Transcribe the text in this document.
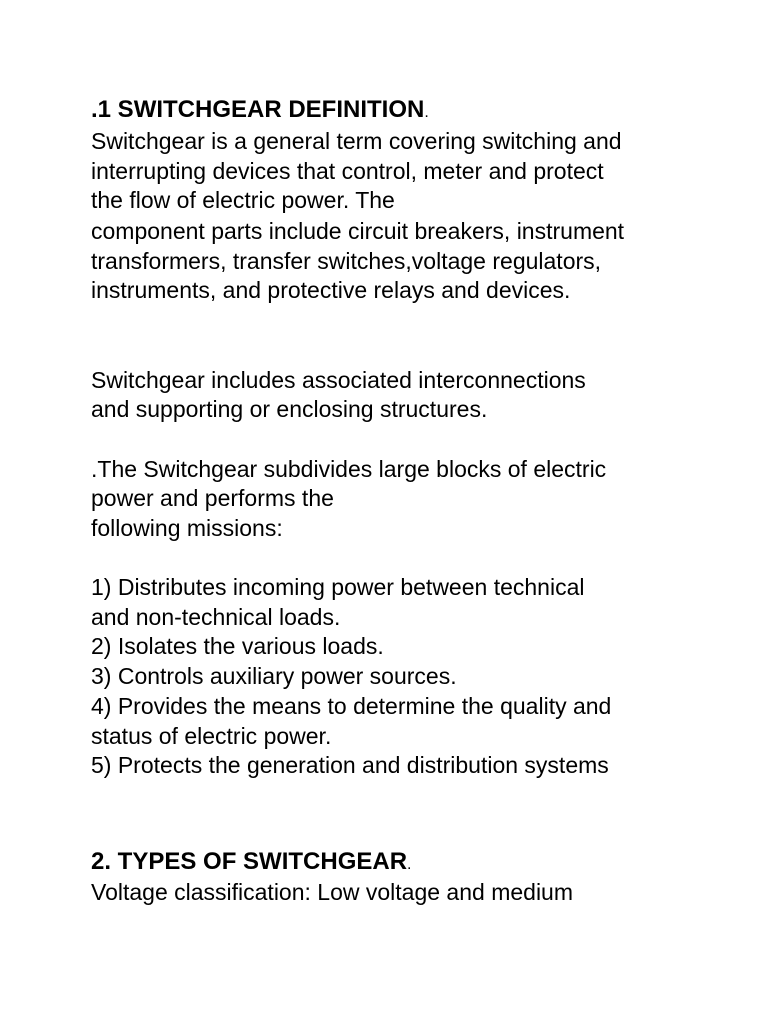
.1 SWITCHGEAR DEFINITION.
Switchgear is a general term covering switching and
interrupting devices that control, meter and protect
the flow of electric power. The
component parts include circuit breakers, instrument
transformers, transfer switches,voltage regulators,
instruments, and protective relays and devices.
Switchgear includes associated interconnections
and supporting or enclosing structures.
.The Switchgear subdivides large blocks of electric
power and performs the
following missions:
1) Distributes incoming power between technical
and non-technical loads.
2) Isolates the various loads.
3) Controls auxiliary power sources.
4) Provides the means to determine the quality and
status of electric power.
5) Protects the generation and distribution systems
2. TYPES OF SWITCHGEAR.
Voltage classification: Low voltage and medium
